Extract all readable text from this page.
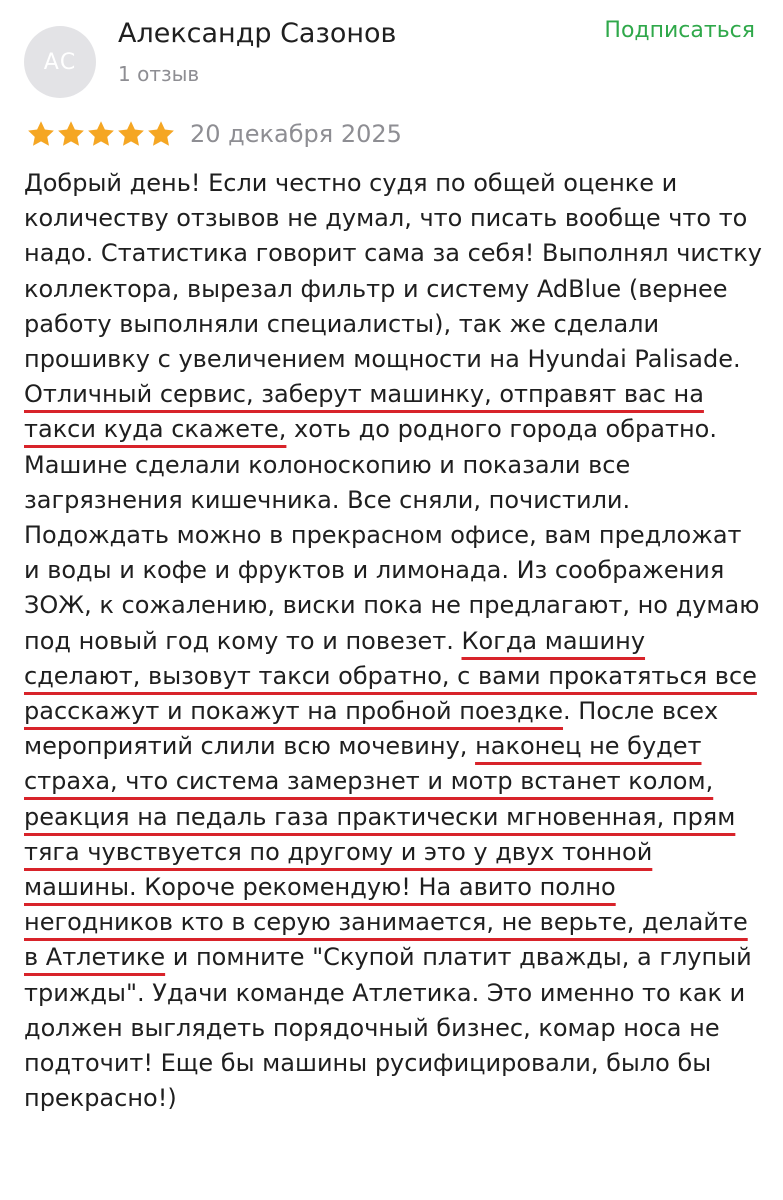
АС
Александр Сазонов
1 отзыв
Подписаться
20 декабря 2025

Добрый день! Если честно судя по общей оценке и количеству отзывов не думал, что писать вообще что то надо. Статистика говорит сама за себя! Выполнял чистку коллектора, вырезал фильтр и систему AdBlue (вернее работу выполняли специалисты), так же сделали прошивку с увеличением мощности на Hyundai Palisade. Отличный сервис, заберут машинку, отправят вас на такси куда скажете, хоть до родного города обратно. Машине сделали колоноскопию и показали все загрязнения кишечника. Все сняли, почистили. Подождать можно в прекрасном офисе, вам предложат и воды и кофе и фруктов и лимонада. Из соображения ЗОЖ, к сожалению, виски пока не предлагают, но думаю под новый год кому то и повезет. Когда машину сделают, вызовут такси обратно, с вами прокатяться все расскажут и покажут на пробной поездке. После всех мероприятий слили всю мочевину, наконец не будет страха, что система замерзнет и мотр встанет колом, реакция на педаль газа практически мгновенная, прям тяга чувствуется по другому и это у двух тонной машины. Короче рекомендую! На авито полно негодников кто в серую занимается, не верьте, делайте в Атлетике и помните "Скупой платит дважды, а глупый трижды". Удачи команде Атлетика. Это именно то как и должен выглядеть порядочный бизнес, комар носа не подточит! Еще бы машины русифицировали, было бы прекрасно!)
